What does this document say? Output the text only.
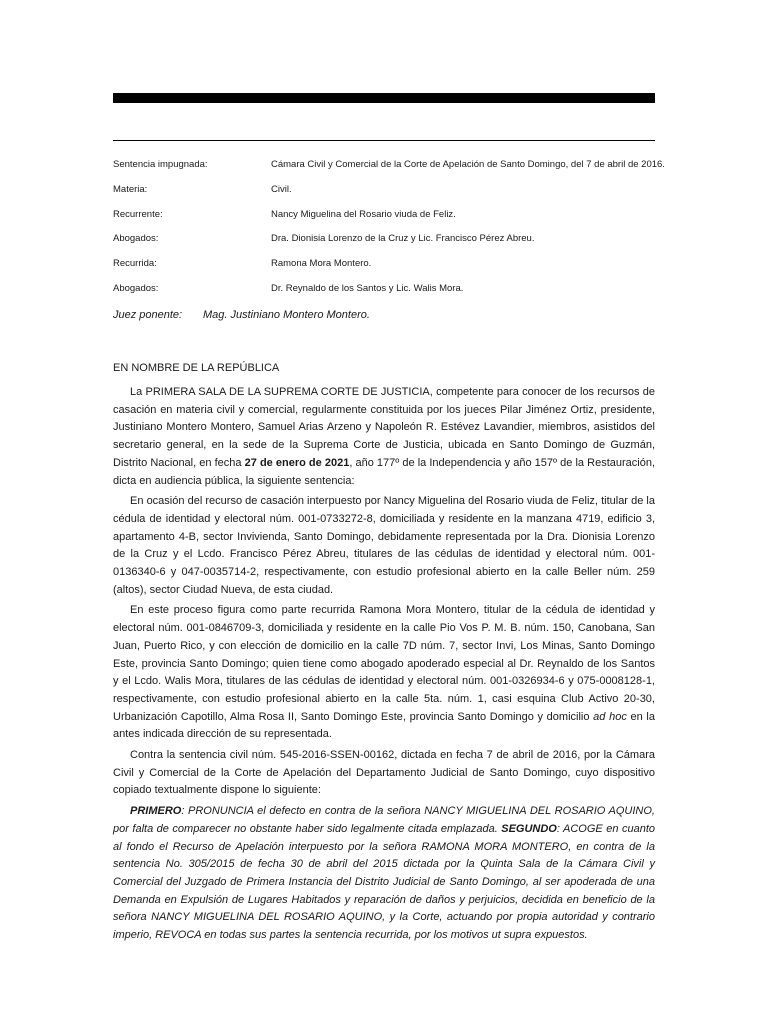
Sentencia impugnada:	Cámara Civil y Comercial de la Corte de Apelación de Santo Domingo, del 7 de abril de 2016.
Materia:	Civil.
Recurrente:	Nancy Miguelina del Rosario viuda de Feliz.
Abogados:	Dra. Dionisia Lorenzo de la Cruz y Lic. Francisco Pérez Abreu.
Recurrida:	Ramona Mora Montero.
Abogados:	Dr. Reynaldo de los Santos y Lic. Walis Mora.
Juez ponente: Mag. Justiniano Montero Montero.
EN NOMBRE DE LA REPÚBLICA

La PRIMERA SALA DE LA SUPREMA CORTE DE JUSTICIA, competente para conocer de los recursos de casación en materia civil y comercial, regularmente constituida por los jueces Pilar Jiménez Ortiz, presidente, Justiniano Montero Montero, Samuel Arias Arzeno y Napoleón R. Estévez Lavandier, miembros, asistidos del secretario general, en la sede de la Suprema Corte de Justicia, ubicada en Santo Domingo de Guzmán, Distrito Nacional, en fecha 27 de enero de 2021, año 177º de la Independencia y año 157º de la Restauración, dicta en audiencia pública, la siguiente sentencia:

En ocasión del recurso de casación interpuesto por Nancy Miguelina del Rosario viuda de Feliz, titular de la cédula de identidad y electoral núm. 001-0733272-8, domiciliada y residente en la manzana 4719, edificio 3, apartamento 4-B, sector Invivienda, Santo Domingo, debidamente representada por la Dra. Dionisia Lorenzo de la Cruz y el Lcdo. Francisco Pérez Abreu, titulares de las cédulas de identidad y electoral núm. 001-0136340-6 y 047-0035714-2, respectivamente, con estudio profesional abierto en la calle Beller núm. 259 (altos), sector Ciudad Nueva, de esta ciudad.

En este proceso figura como parte recurrida Ramona Mora Montero, titular de la cédula de identidad y electoral núm. 001-0846709-3, domiciliada y residente en la calle Pio Vos P. M. B. núm. 150, Canobana, San Juan, Puerto Rico, y con elección de domicilio en la calle 7D núm. 7, sector Invi, Los Minas, Santo Domingo Este, provincia Santo Domingo; quien tiene como abogado apoderado especial al Dr. Reynaldo de los Santos y el Lcdo. Walis Mora, titulares de las cédulas de identidad y electoral núm. 001-0326934-6 y 075-0008128-1, respectivamente, con estudio profesional abierto en la calle 5ta. núm. 1, casi esquina Club Activo 20-30, Urbanización Capotillo, Alma Rosa II, Santo Domingo Este, provincia Santo Domingo y domicilio ad hoc en la antes indicada dirección de su representada.

Contra la sentencia civil núm. 545-2016-SSEN-00162, dictada en fecha 7 de abril de 2016, por la Cámara Civil y Comercial de la Corte de Apelación del Departamento Judicial de Santo Domingo, cuyo dispositivo copiado textualmente dispone lo siguiente:

PRIMERO: PRONUNCIA el defecto en contra de la señora NANCY MIGUELINA DEL ROSARIO AQUINO, por falta de comparecer no obstante haber sido legalmente citada emplazada. SEGUNDO: ACOGE en cuanto al fondo el Recurso de Apelación interpuesto por la señora RAMONA MORA MONTERO, en contra de la sentencia No. 305/2015 de fecha 30 de abril del 2015 dictada por la Quinta Sala de la Cámara Civil y Comercial del Juzgado de Primera Instancia del Distrito Judicial de Santo Domingo, al ser apoderada de una Demanda en Expulsión de Lugares Habitados y reparación de daños y perjuicios, decidida en beneficio de la señora NANCY MIGUELINA DEL ROSARIO AQUINO, y la Corte, actuando por propia autoridad y contrario imperio, REVOCA en todas sus partes la sentencia recurrida, por los motivos ut supra expuestos.
